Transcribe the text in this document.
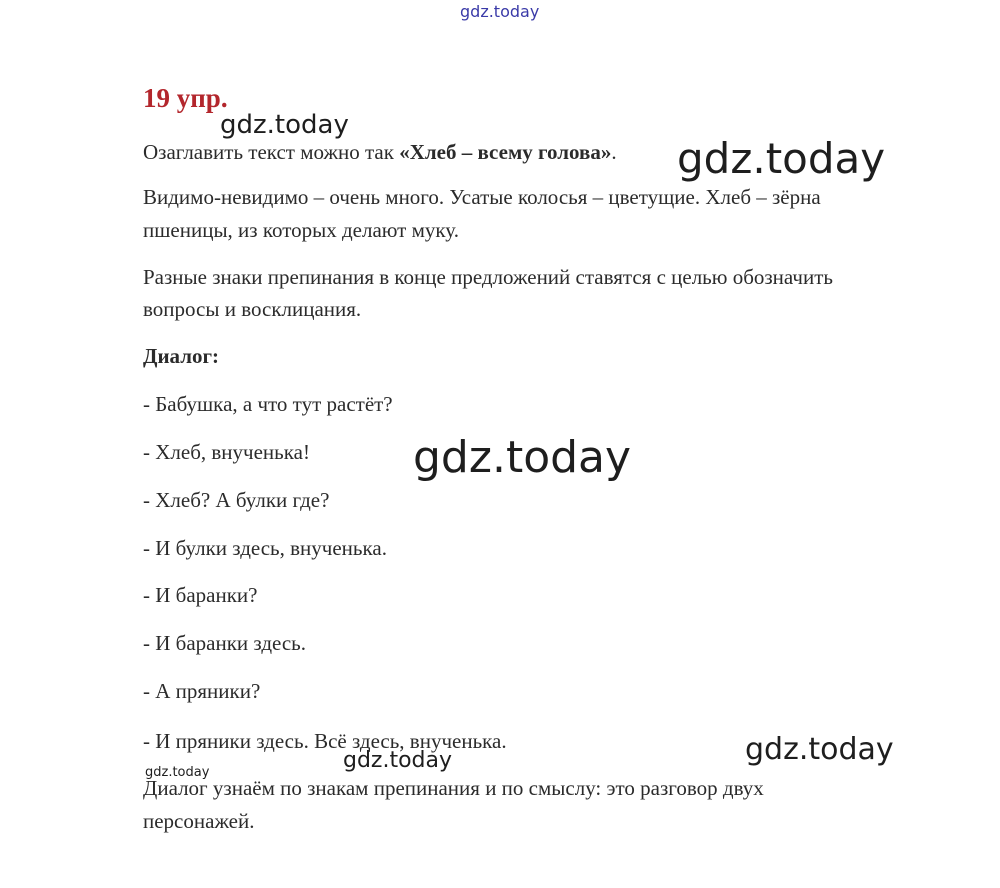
gdz.today
19 упр.

Озаглавить текст можно так «Хлеб – всему голова».

Видимо-невидимо – очень много. Усатые колосья – цветущие. Хлеб – зёрна

пшеницы, из которых делают муку.

Разные знаки препинания в конце предложений ставятся с целью обозначить

вопросы и восклицания.

Диалог:

- Бабушка, а что тут растёт?

- Хлеб, внученька!

- Хлеб? А булки где?

- И булки здесь, внученька.

- И баранки?

- И баранки здесь.

- А пряники?

- И пряники здесь. Всё здесь, внученька.

Диалог узнаём по знакам препинания и по смыслу: это разговор двух

персонажей.

gdz.today
gdz.today
gdz.today
gdz.today
gdz.today
gdz.today
